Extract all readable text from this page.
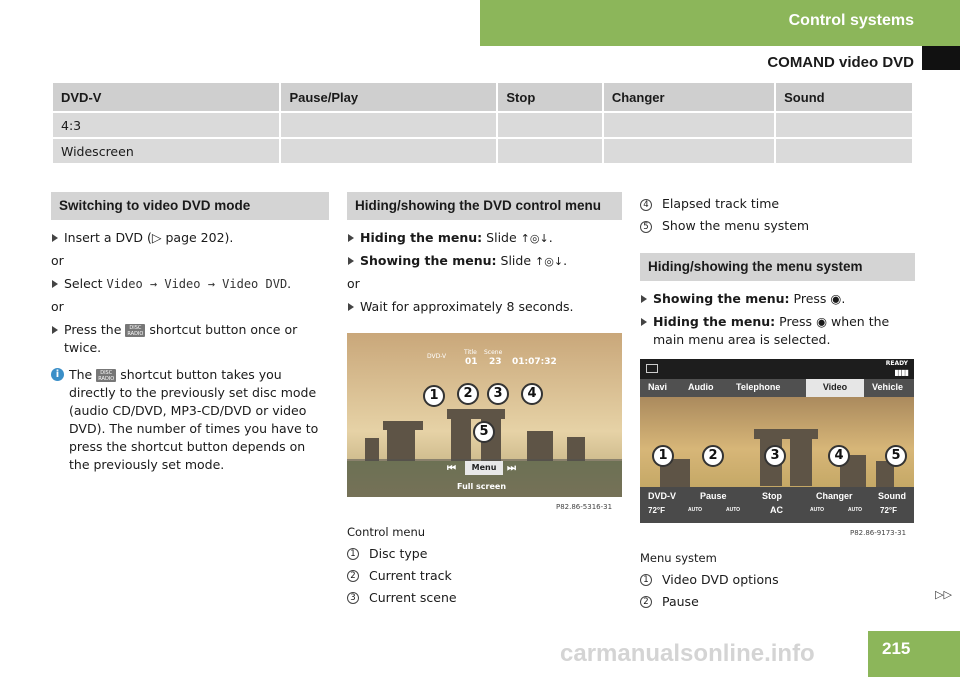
Control systems
COMAND video DVD
DVD-V	Pause/Play	Stop	Changer	Sound
4:3				
Widescreen				
Switching to video DVD mode
Insert a DVD (▷ page 202).
or
Select Video → Video → Video DVD.
or
Press the DISC
RADIO shortcut button once or twice.
i The DISC
RADIO shortcut button takes you directly to the previously set disc mode (audio CD/DVD, MP3-CD/DVD or video DVD). The number of times you have to press the shortcut button depends on the previously set mode.
Hiding/showing the DVD control menu
Hiding the menu: Slide ↑◎↓.
Showing the menu: Slide ↑◎↓.
or
Wait for approximately 8 seconds.
DVD-V
Title Scene
01 23 01:07:32
1	2	3	4
5
⏮	Menu	⏭
Full screen
P82.86-5316-31
Control menu
1 Disc type
2 Current track
3 Current scene
4 Elapsed track time
5 Show the menu system
Hiding/showing the menu system
Showing the menu: Press ◉.
Hiding the menu: Press ◉ when the main menu area is selected.
READY
▮▮▮▮
Navi	Audio	Telephone	Video	Vehicle
1	2	3	4	5
DVD-V	Pause	Stop	Changer	Sound
72°F	AUTO	AUTO	AC	AUTO	AUTO 72°F
P82.86-9173-31
Menu system
1 Video DVD options
2 Pause	▷▷
215
carmanualsonline.info
